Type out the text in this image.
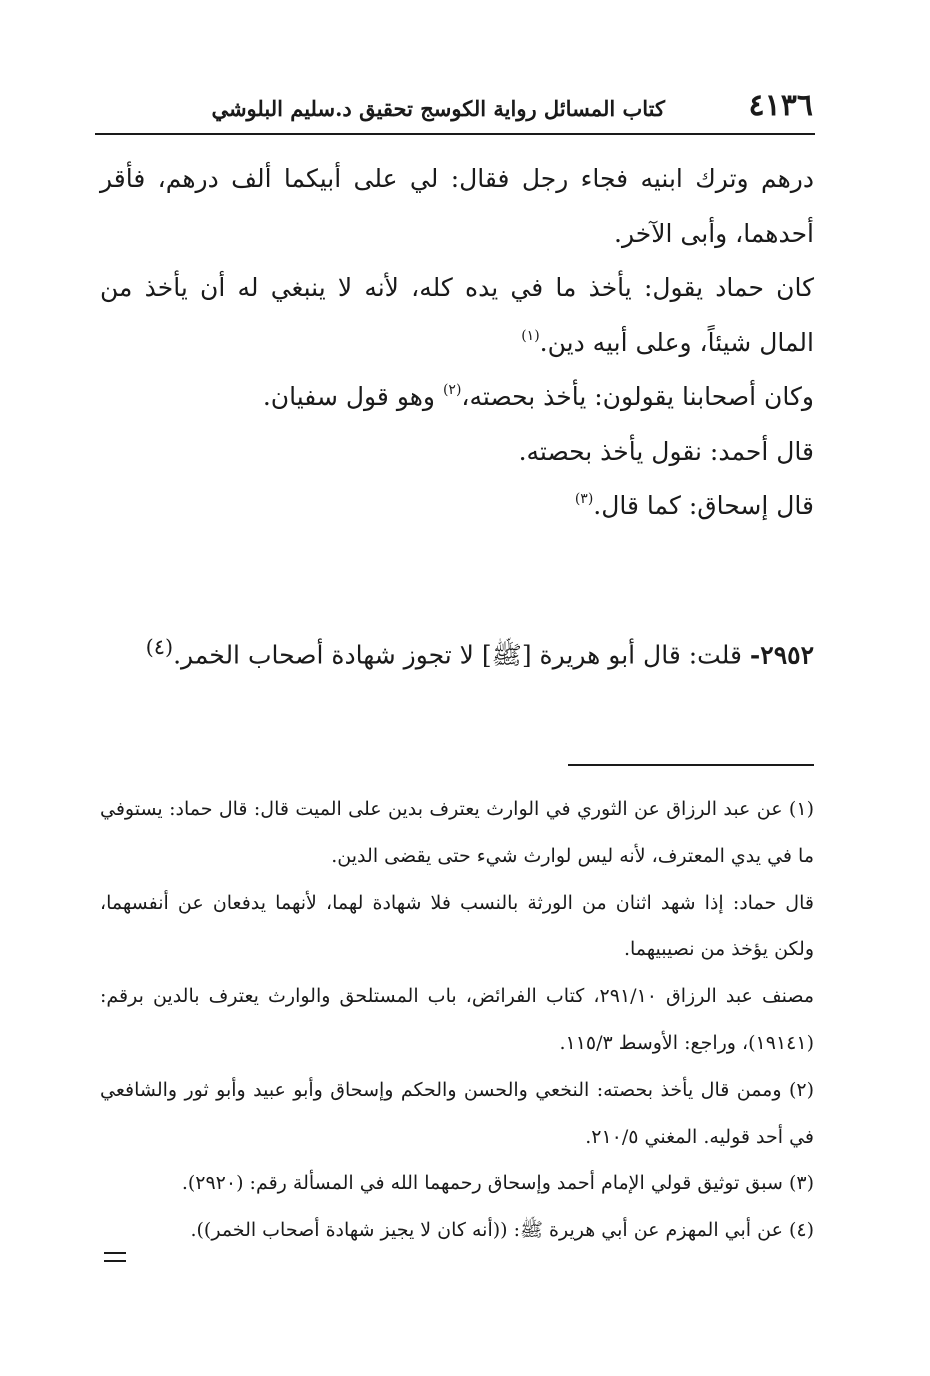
٤١٣٦
كتاب المسائل رواية الكوسج تحقيق د.سليم البلوشي

درهم وترك ابنيه فجاء رجل فقال: لي على أبيكما ألف درهم، فأقر أحدهما، وأبى الآخر.

كان حماد يقول: يأخذ ما في يده كله، لأنه لا ينبغي له أن يأخذ من المال شيئاً، وعلى أبيه دين.$^{(١)}$

وكان أصحابنا يقولون: يأخذ بحصته،$^{(٢)}$ وهو قول سفيان.

قال أحمد: نقول يأخذ بحصته.

قال إسحاق: كما قال.$^{(٣)}$

٢٩٥٢- قلت: قال أبو هريرة [ﷺ] لا تجوز شهادة أصحاب الخمر.$^{(٤)}$

(١) عن عبد الرزاق عن الثوري في الوارث يعترف بدين على الميت قال: قال حماد: يستوفي ما في يدي المعترف، لأنه ليس لوارث شيء حتى يقضى الدين.

قال حماد: إذا شهد اثنان من الورثة بالنسب فلا شهادة لهما، لأنهما يدفعان عن أنفسهما، ولكن يؤخذ من نصيبيهما.

مصنف عبد الرزاق ٢٩١/١٠، كتاب الفرائض، باب المستلحق والوارث يعترف بالدين برقم: (١٩١٤١)، وراجع: الأوسط ١١٥/٣.

(٢) وممن قال يأخذ بحصته: النخعي والحسن والحكم وإسحاق وأبو عبيد وأبو ثور والشافعي في أحد قوليه. المغني ٢١٠/٥.

(٣) سبق توثيق قولي الإمام أحمد وإسحاق رحمهما الله في المسألة رقم: (٢٩٢٠).

(٤) عن أبي المهزم عن أبي هريرة ﷺ: ((أنه كان لا يجيز شهادة أصحاب الخمر)).
